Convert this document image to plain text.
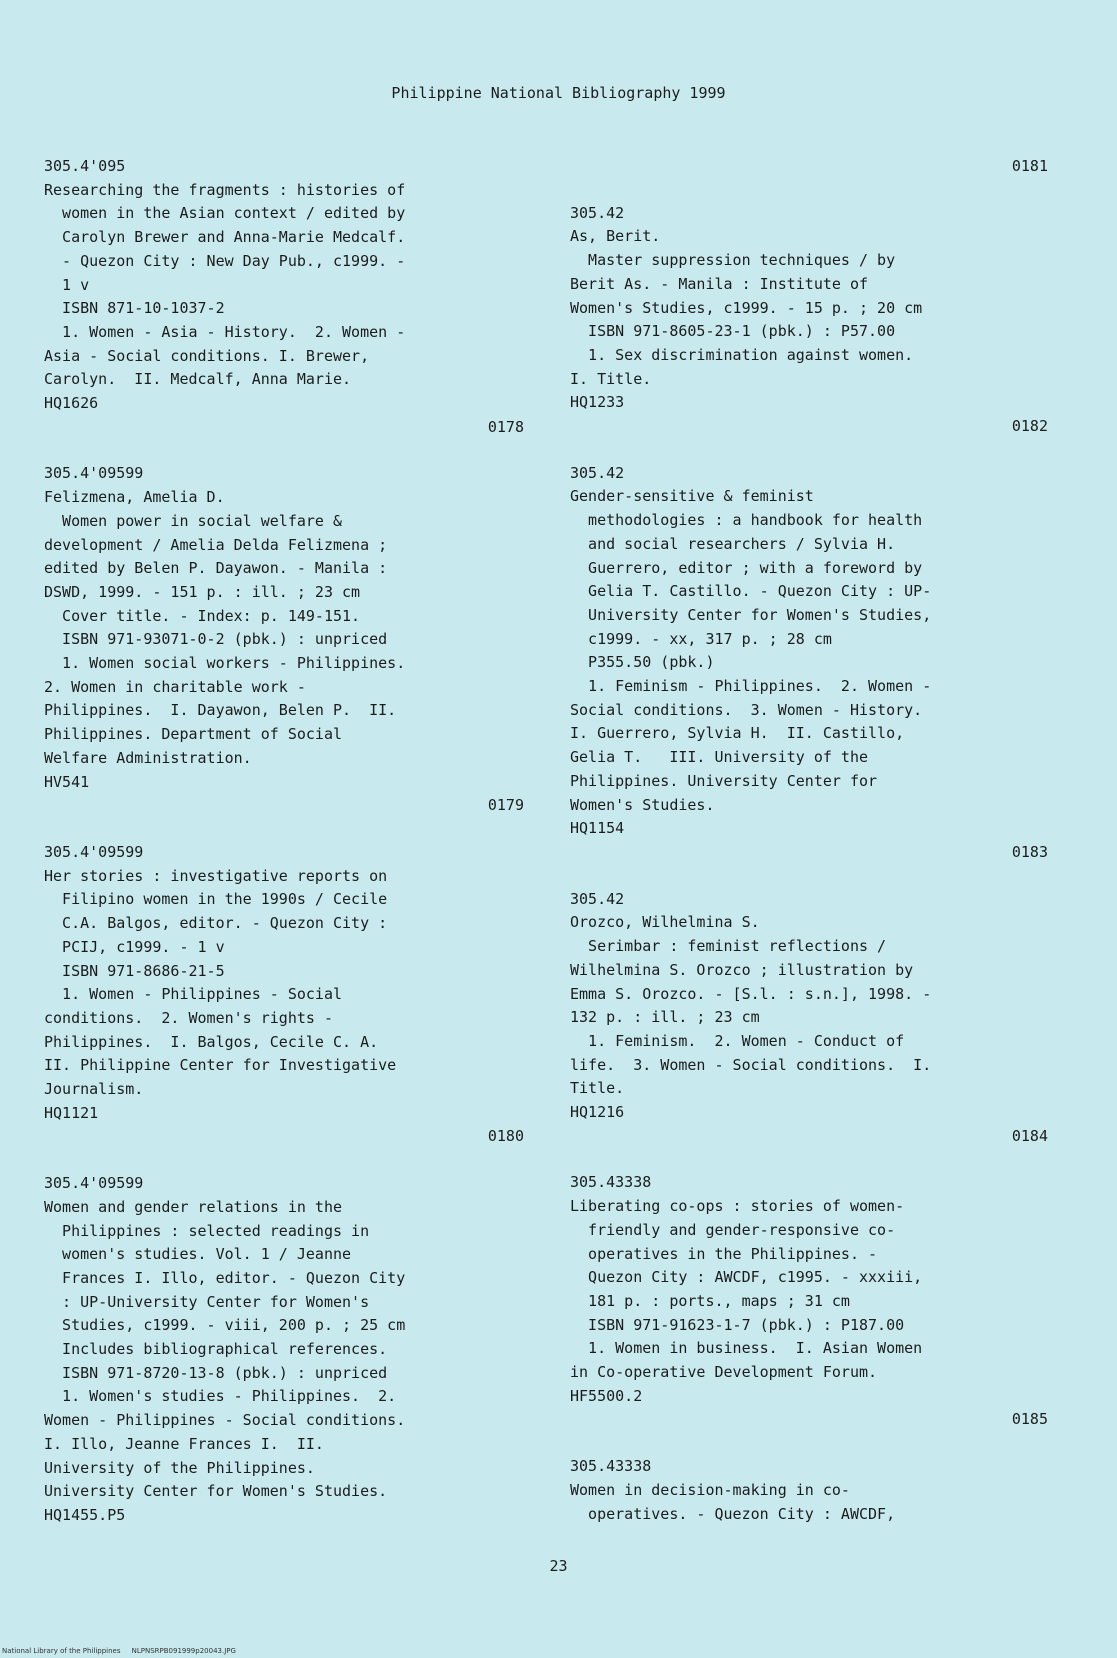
Philippine National Bibliography 1999
305.4'095
Researching the fragments : histories of
women in the Asian context / edited by
Carolyn Brewer and Anna-Marie Medcalf.
- Quezon City : New Day Pub., c1999. -
1 v
ISBN 871-10-1037-2
1. Women - Asia - History.  2. Women -
Asia - Social conditions. I. Brewer,
Carolyn.  II. Medcalf, Anna Marie.
HQ1626
0178
305.4'09599
Felizmena, Amelia D.
Women power in social welfare &
development / Amelia Delda Felizmena ;
edited by Belen P. Dayawon. - Manila :
DSWD, 1999. - 151 p. : ill. ; 23 cm
Cover title. - Index: p. 149-151.
ISBN 971-93071-0-2 (pbk.) : unpriced
1. Women social workers - Philippines.
2. Women in charitable work -
Philippines.  I. Dayawon, Belen P.  II.
Philippines. Department of Social
Welfare Administration.
HV541
0179
305.4'09599
Her stories : investigative reports on
Filipino women in the 1990s / Cecile
C.A. Balgos, editor. - Quezon City :
PCIJ, c1999. - 1 v
ISBN 971-8686-21-5
1. Women - Philippines - Social
conditions.  2. Women's rights -
Philippines.  I. Balgos, Cecile C. A.
II. Philippine Center for Investigative
Journalism.
HQ1121
0180
305.4'09599
Women and gender relations in the
Philippines : selected readings in
women's studies. Vol. 1 / Jeanne
Frances I. Illo, editor. - Quezon City
: UP-University Center for Women's
Studies, c1999. - viii, 200 p. ; 25 cm
Includes bibliographical references.
ISBN 971-8720-13-8 (pbk.) : unpriced
1. Women's studies - Philippines.  2.
Women - Philippines - Social conditions.
I. Illo, Jeanne Frances I.  II.
University of the Philippines.
University Center for Women's Studies.
HQ1455.P5
0181
305.42
As, Berit.
Master suppression techniques / by
Berit As. - Manila : Institute of
Women's Studies, c1999. - 15 p. ; 20 cm
ISBN 971-8605-23-1 (pbk.) : P57.00
1. Sex discrimination against women.
I. Title.
HQ1233
0182
305.42
Gender-sensitive & feminist
methodologies : a handbook for health
and social researchers / Sylvia H.
Guerrero, editor ; with a foreword by
Gelia T. Castillo. - Quezon City : UP-
University Center for Women's Studies,
c1999. - xx, 317 p. ; 28 cm
P355.50 (pbk.)
1. Feminism - Philippines.  2. Women -
Social conditions.  3. Women - History.
I. Guerrero, Sylvia H.  II. Castillo,
Gelia T.   III. University of the
Philippines. University Center for
Women's Studies.
HQ1154
0183
305.42
Orozco, Wilhelmina S.
Serimbar : feminist reflections /
Wilhelmina S. Orozco ; illustration by
Emma S. Orozco. - [S.l. : s.n.], 1998. -
132 p. : ill. ; 23 cm
1. Feminism.  2. Women - Conduct of
life.  3. Women - Social conditions.  I.
Title.
HQ1216
0184
305.43338
Liberating co-ops : stories of women-
friendly and gender-responsive co-
operatives in the Philippines. -
Quezon City : AWCDF, c1995. - xxxiii,
181 p. : ports., maps ; 31 cm
ISBN 971-91623-1-7 (pbk.) : P187.00
1. Women in business.  I. Asian Women
in Co-operative Development Forum.
HF5500.2
0185
305.43338
Women in decision-making in co-
operatives. - Quezon City : AWCDF,
23
National Library of the Philippines     NLPNSRPB091999p20043.JPG
